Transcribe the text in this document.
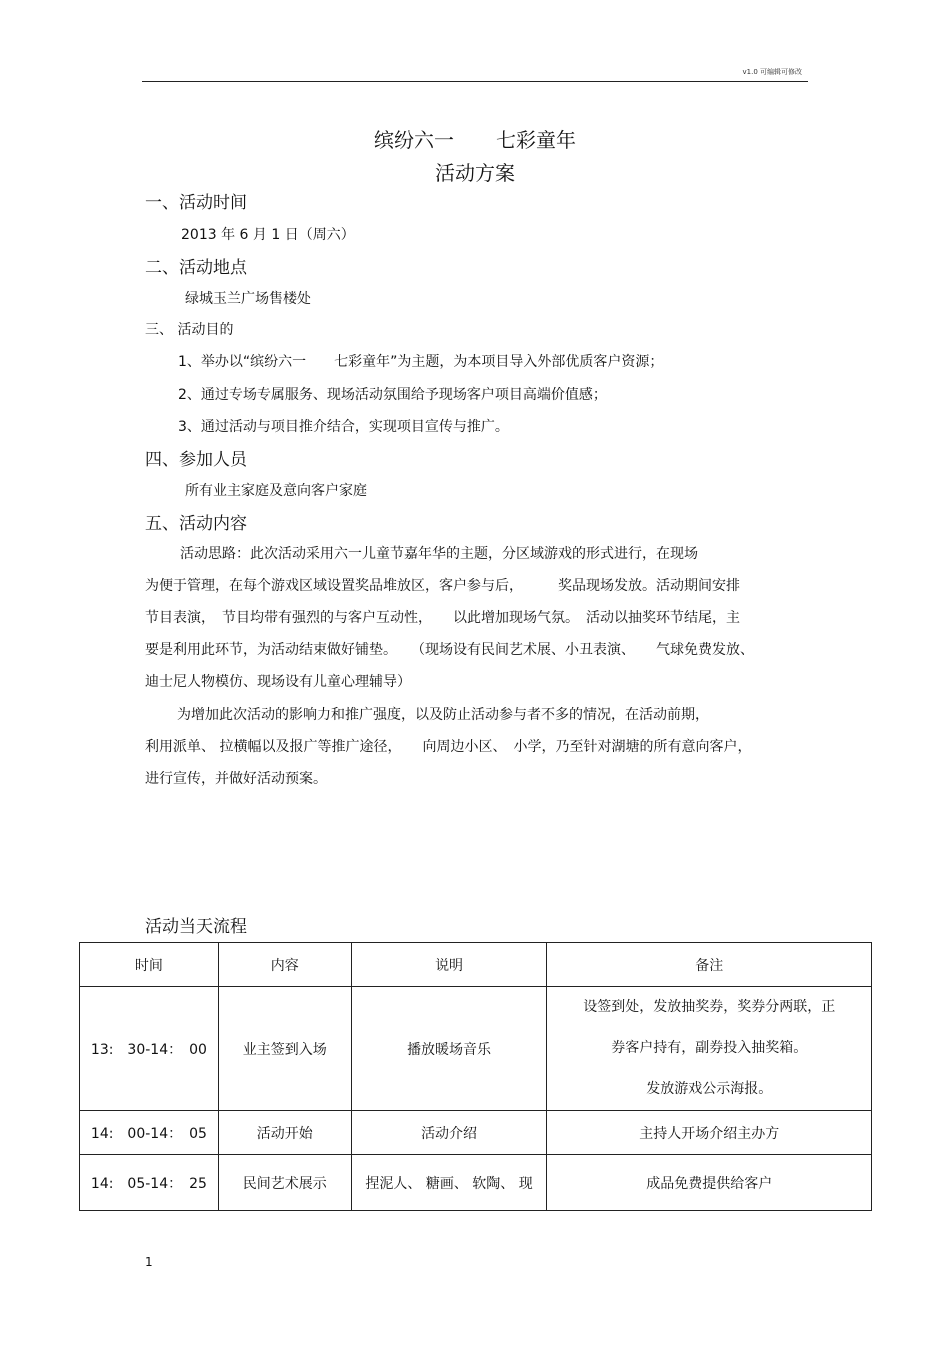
v1.0 可编辑可修改
缤纷六一 七彩童年
活动方案
一、活动时间
2013 年 6 月 1 日（周六）
二、活动地点
绿城玉兰广场售楼处
三、 活动目的
1、举办以“缤纷六一　　七彩童年”为主题，为本项目导入外部优质客户资源；
2、通过专场专属服务、现场活动氛围给予现场客户项目高端价值感；
3、通过活动与项目推介结合，实现项目宣传与推广。
四、参加人员
所有业主家庭及意向客户家庭
五、活动内容
活动思路：此次活动采用六一儿童节嘉年华的主题，分区域游戏的形式进行，在现场
为便于管理，在每个游戏区域设置奖品堆放区，客户参与后，　　　奖品现场发放。活动期间安排
节目表演，　节目均带有强烈的与客户互动性，　　以此增加现场气氛。　活动以抽奖环节结尾，主
要是利用此环节，为活动结束做好铺垫。　　（现场设有民间艺术展、小丑表演、　　气球免费发放、
迪士尼人物模仿、现场设有儿童心理辅导）
为增加此次活动的影响力和推广强度，以及防止活动参与者不多的情况，在活动前期，
利用派单、 拉横幅以及报广等推广途径，　　向周边小区、　小学，乃至针对湖塘的所有意向客户，
进行宣传，并做好活动预案。
活动当天流程
时间	内容	说明	备注
13:　30-14：　00	业主签到入场	播放暖场音乐	设签到处，发放抽奖券，奖券分两联，正
券客户持有，副券投入抽奖箱。
发放游戏公示海报。

14:　00-14：　05	活动开始	活动介绍	主持人开场介绍主办方
14:　05-14：　25	民间艺术展示	捏泥人、 糖画、 软陶、 现	成品免费提供给客户
1
